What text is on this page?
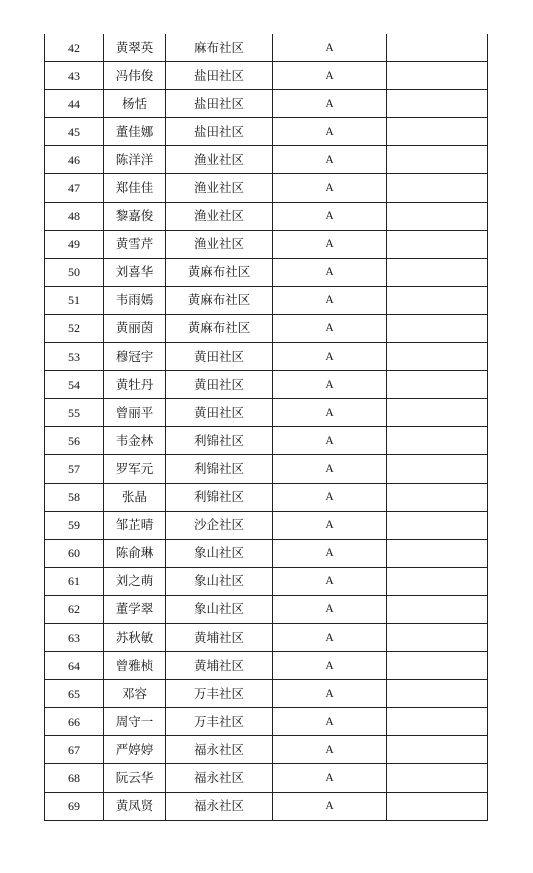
42	黄翠英	麻布社区	A	
43	冯伟俊	盐田社区	A	
44	杨恬	盐田社区	A	
45	董佳娜	盐田社区	A	
46	陈洋洋	渔业社区	A	
47	郑佳佳	渔业社区	A	
48	黎嘉俊	渔业社区	A	
49	黄雪芹	渔业社区	A	
50	刘喜华	黄麻布社区	A	
51	韦雨嫣	黄麻布社区	A	
52	黄丽茵	黄麻布社区	A	
53	穆冠宇	黄田社区	A	
54	黄牡丹	黄田社区	A	
55	曾丽平	黄田社区	A	
56	韦金林	利锦社区	A	
57	罗军元	利锦社区	A	
58	张晶	利锦社区	A	
59	邹芷晴	沙企社区	A	
60	陈俞琳	象山社区	A	
61	刘之萌	象山社区	A	
62	董学翠	象山社区	A	
63	苏秋敏	黄埔社区	A	
64	曾雅桢	黄埔社区	A	
65	邓容	万丰社区	A	
66	周守一	万丰社区	A	
67	严婷婷	福永社区	A	
68	阮云华	福永社区	A	
69	黄凤贤	福永社区	A	
